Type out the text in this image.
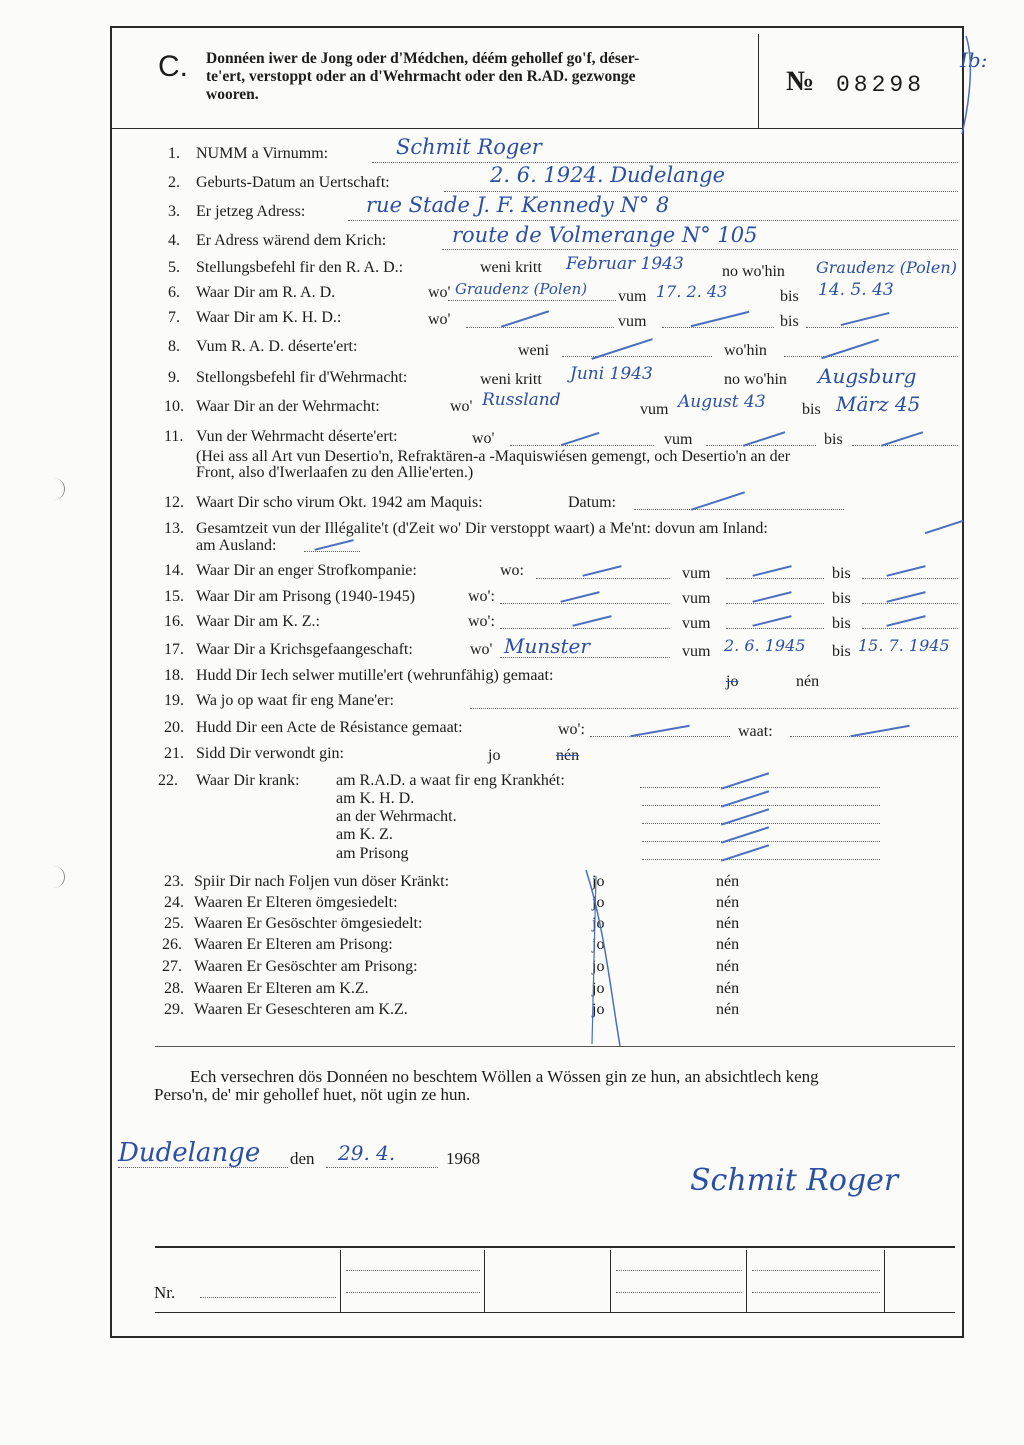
C. Donnéen iwer de Jong oder d'Médchen, déém gehollef go'f, déser-
te'ert, verstoppt oder an d'Wehrmacht oder den R.AD. gezwonge
wooren.	№ 08298
Ib:
1. NUMM a Virnumm:	Schmit Roger
2. Geburts-Datum an Uertschaft:	2. 6. 1924. Dudelange
3. Er jetzeg Adress:	rue Stade J. F. Kennedy N° 8
4. Er Adress wärend dem Krich:	route de Volmerange N° 105
5. Stellungsbefehl fir den R. A. D.:	weni kritt Februar 1943 no wo'hin Graudenz (Polen)
6. Waar Dir am R. A. D.	wo' Graudenz (Polen) vum 17. 2. 43	bis 14. 5. 43
7. Waar Dir am K. H. D.:	wo'	vum	bis
8. Vum R. A. D. déserte'ert:	weni	wo'hin
9. Stellongsbefehl fir d'Wehrmacht:	weni kritt Juni 1943	no wo'hin Augsburg
10. Waar Dir an der Wehrmacht:	wo' Russland	vum August 43 bis März 45
11. Vun der Wehrmacht déserte'ert:	wo'	vum	bis
(Hei ass all Art vun Desertio'n, Refraktären-a -Maquiswiésen gemengt, och Desertio'n an der
Front, also d'Iwerlaafen zu den Allie'erten.)
12. Waart Dir scho virum Okt. 1942 am Maquis:	Datum:
13. Gesamtzeit vun der Illégalite't (d'Zeit wo' Dir verstoppt waart) a Me'nt: dovun am Inland:
am Ausland:
14. Waar Dir an enger Strofkompanie:	wo:	vum	bis
15. Waar Dir am Prisong (1940-1945)	wo':	vum	bis
16. Waar Dir am K. Z.:	wo':	vum	bis
17. Waar Dir a Krichsgefaangeschaft:	wo' Munster	vum 2. 6. 1945 bis 15. 7. 1945
18. Hudd Dir Iech selwer mutille'ert (wehrunfähig) gemaat:	jo	nén
19. Wa jo op waat fir eng Mane'er:
20. Hudd Dir een Acte de Résistance gemaat:	wo':	waat:
21. Sidd Dir verwondt gin:	jo	nén
22. Waar Dir krank: am R.A.D. a waat fir eng Krankhét:
am K. H. D.
an der Wehrmacht.
am K. Z.
am Prisong
23. Spiir Dir nach Foljen vun döser Kränkt:	jo	nén
24. Waaren Er Elteren ömgesiedelt:	jo	nén
25. Waaren Er Gesöschter ömgesiedelt:	jo	nén
26. Waaren Er Elteren am Prisong:	jo	nén
27. Waaren Er Gesöschter am Prisong:	jo	nén
28. Waaren Er Elteren am K.Z.	jo	nén
29. Waaren Er Geseschteren am K.Z.	jo	nén
Ech versechren dös Donnéen no beschtem Wöllen a Wössen gin ze hun, an absichtlech keng
Perso'n, de' mir gehollef huet, nöt ugin ze hun.
Dudelange den 29. 4.	1968
Schmit Roger
Nr.
